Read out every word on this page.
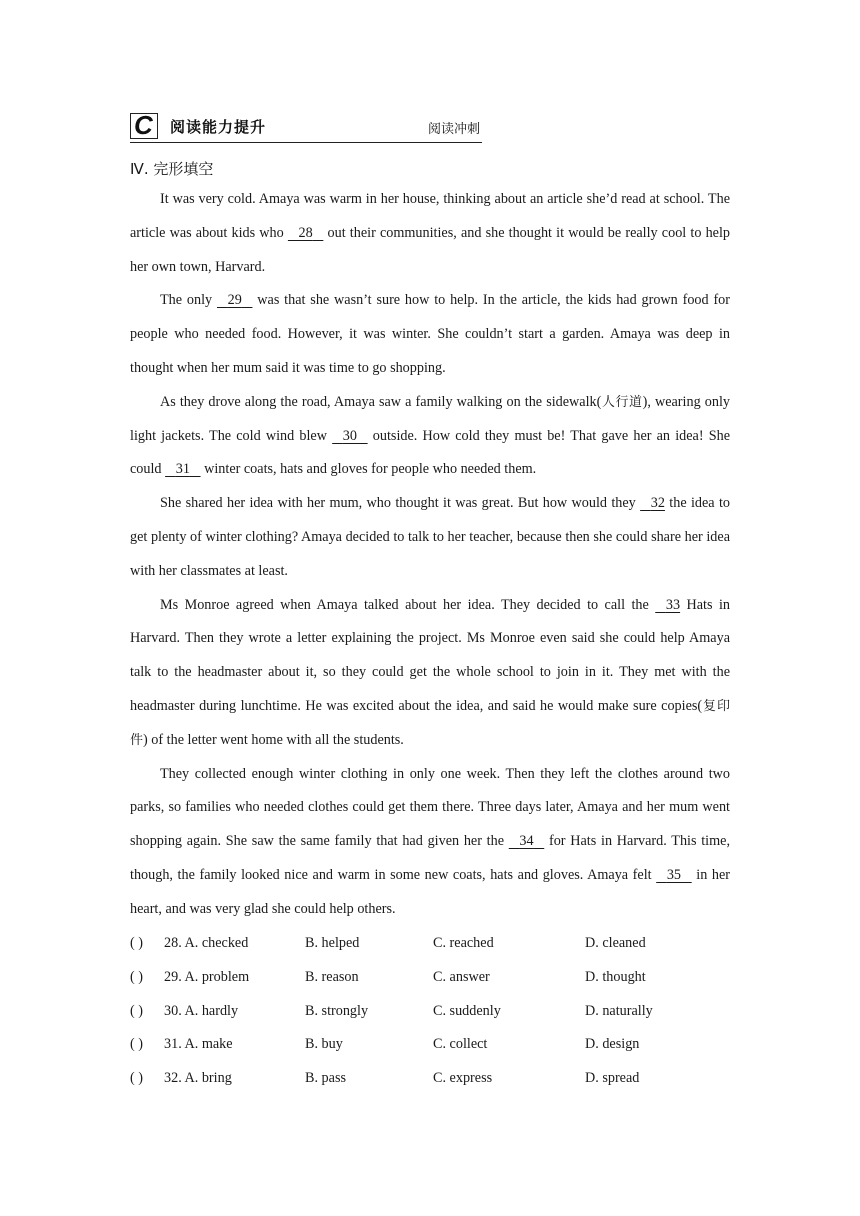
C 阅读能力提升	阅读冲刺
Ⅳ. 完形填空

It was very cold. Amaya was warm in her house, thinking about an article she’d read at school. The article was about kids who    28    out their communities, and she thought it would be really cool to help her own town, Harvard.

The only    29    was that she wasn’t sure how to help. In the article, the kids had grown food for people who needed food. However, it was winter. She couldn’t start a garden. Amaya was deep in thought when her mum said it was time to go shopping.

As they drove along the road, Amaya saw a family walking on the sidewalk(人行道), wearing only light jackets. The cold wind blew    30    outside. How cold they must be! That gave her an idea! She could    31    winter coats, hats and gloves for people who needed them.

She shared her idea with her mum, who thought it was great. But how would they    32 the idea to get plenty of winter clothing? Amaya decided to talk to her teacher, because then she could share her idea with her classmates at least.

Ms Monroe agreed when Amaya talked about her idea. They decided to call the    33 Hats in Harvard. Then they wrote a letter explaining the project. Ms Monroe even said she could help Amaya talk to the headmaster about it, so they could get the whole school to join in it. They met with the headmaster during lunchtime. He was excited about the idea, and said he would make sure copies(复印件) of the letter went home with all the students.

They collected enough winter clothing in only one week. Then they left the clothes around two parks, so families who needed clothes could get them there. Three days later, Amaya and her mum went shopping again. She saw the same family that had given her the    34    for Hats in Harvard. This time, though, the family looked nice and warm in some new coats, hats and gloves. Amaya felt    35    in her heart, and was very glad she could help others.

( ) 28. A. checked	B. helped	C. reached	D. cleaned
( ) 29. A. problem	B. reason	C. answer	D. thought
( ) 30. A. hardly	B. strongly	C. suddenly	D. naturally
( ) 31. A. make	B. buy	C. collect	D. design
( ) 32. A. bring	B. pass	C. express	D. spread
